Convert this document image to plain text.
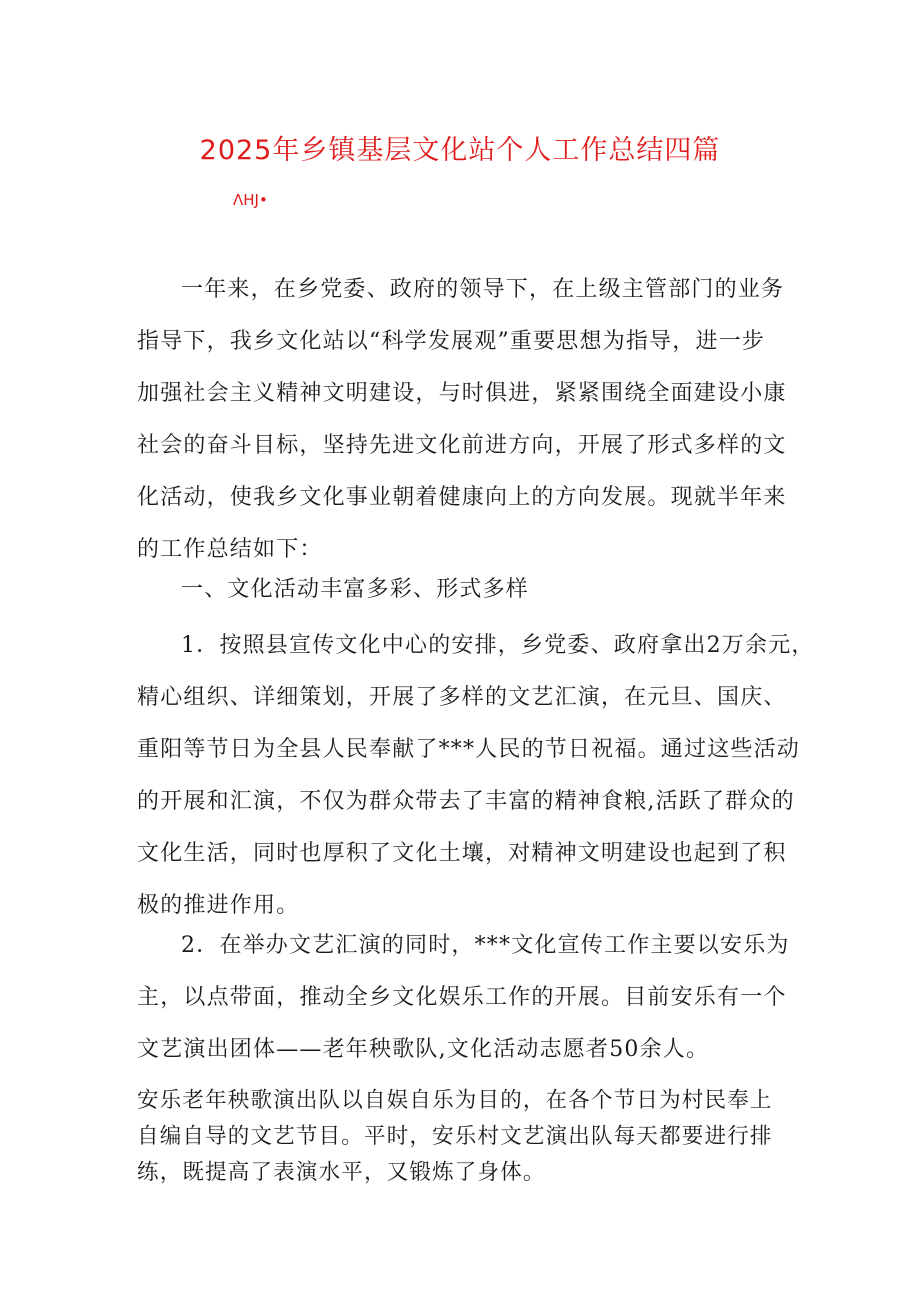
2025年乡镇基层文化站个人工作总结四篇
ΛHJ•
一年来，在乡党委、政府的领导下，在上级主管部门的业务
指导下，我乡文化站以“科学发展观”重要思想为指导，进一步
加强社会主义精神文明建设，与时俱进，紧紧围绕全面建设小康
社会的奋斗目标，坚持先进文化前进方向，开展了形式多样的文
化活动，使我乡文化事业朝着健康向上的方向发展。现就半年来
的工作总结如下：
一、文化活动丰富多彩、形式多样
1．按照县宣传文化中心的安排，乡党委、政府拿出2万余元，
精心组织、详细策划，开展了多样的文艺汇演，在元旦、国庆、
重阳等节日为全县人民奉献了***人民的节日祝福。通过这些活动
的开展和汇演，不仅为群众带去了丰富的精神食粮,活跃了群众的
文化生活，同时也厚积了文化土壤，对精神文明建设也起到了积
极的推进作用。
2．在举办文艺汇演的同时，***文化宣传工作主要以安乐为
主，以点带面，推动全乡文化娱乐工作的开展。目前安乐有一个
文艺演出团体——老年秧歌队,文化活动志愿者50余人。
安乐老年秧歌演出队以自娱自乐为目的，在各个节日为村民奉上
自编自导的文艺节目。平时，安乐村文艺演出队每天都要进行排
练，既提高了表演水平，又锻炼了身体。
